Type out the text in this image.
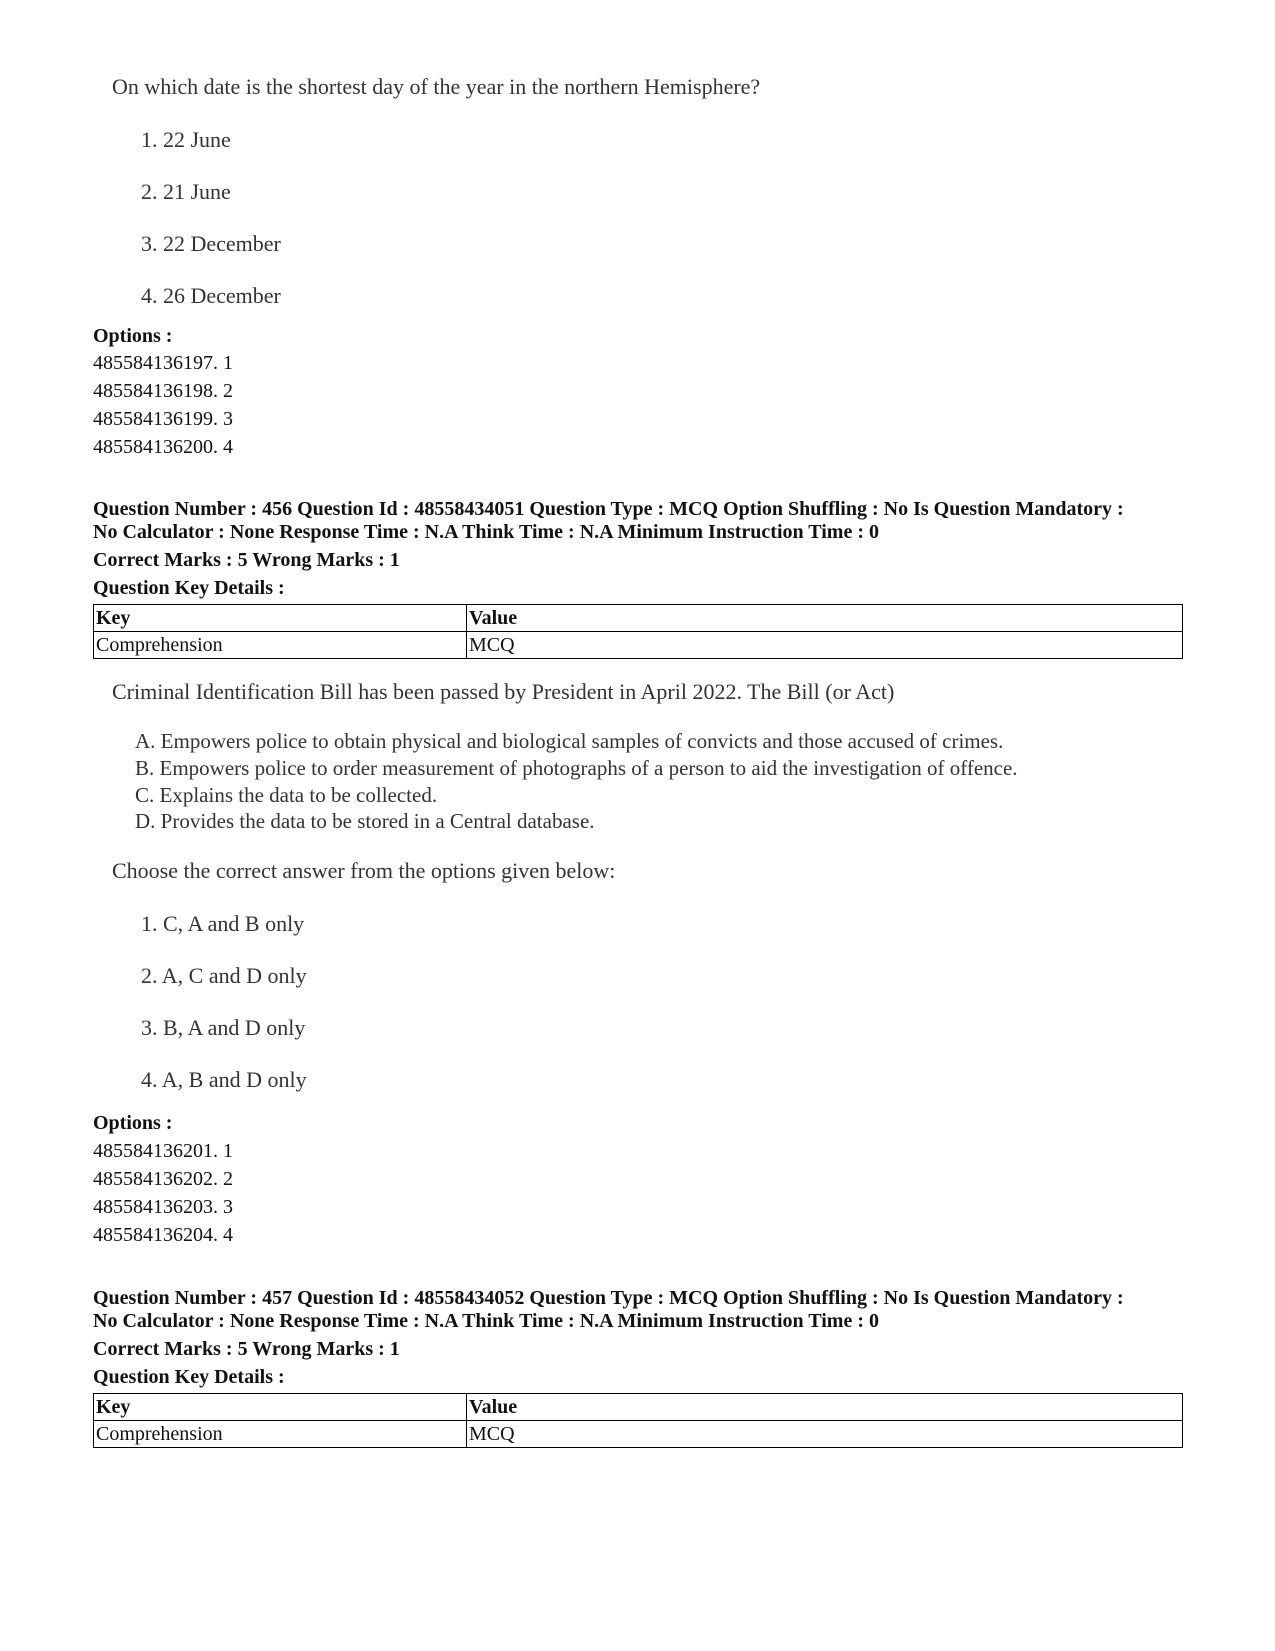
On which date is the shortest day of the year in the northern Hemisphere?
1. 22 June
2. 21 June
3. 22 December
4. 26 December
Options :
485584136197. 1
485584136198. 2
485584136199. 3
485584136200. 4
Question Number : 456 Question Id : 48558434051 Question Type : MCQ Option Shuffling : No Is Question Mandatory :
No Calculator : None Response Time : N.A Think Time : N.A Minimum Instruction Time : 0
Correct Marks : 5 Wrong Marks : 1
Question Key Details :
Key	Value
Comprehension	MCQ
Criminal Identification Bill has been passed by President in April 2022. The Bill (or Act)
A. Empowers police to obtain physical and biological samples of convicts and those accused of crimes.
B. Empowers police to order measurement of photographs of a person to aid the investigation of offence.
C. Explains the data to be collected.
D. Provides the data to be stored in a Central database.
Choose the correct answer from the options given below:
1. C, A and B only
2. A, C and D only
3. B, A and D only
4. A, B and D only
Options :
485584136201. 1
485584136202. 2
485584136203. 3
485584136204. 4
Question Number : 457 Question Id : 48558434052 Question Type : MCQ Option Shuffling : No Is Question Mandatory :
No Calculator : None Response Time : N.A Think Time : N.A Minimum Instruction Time : 0
Correct Marks : 5 Wrong Marks : 1
Question Key Details :
Key	Value
Comprehension	MCQ
